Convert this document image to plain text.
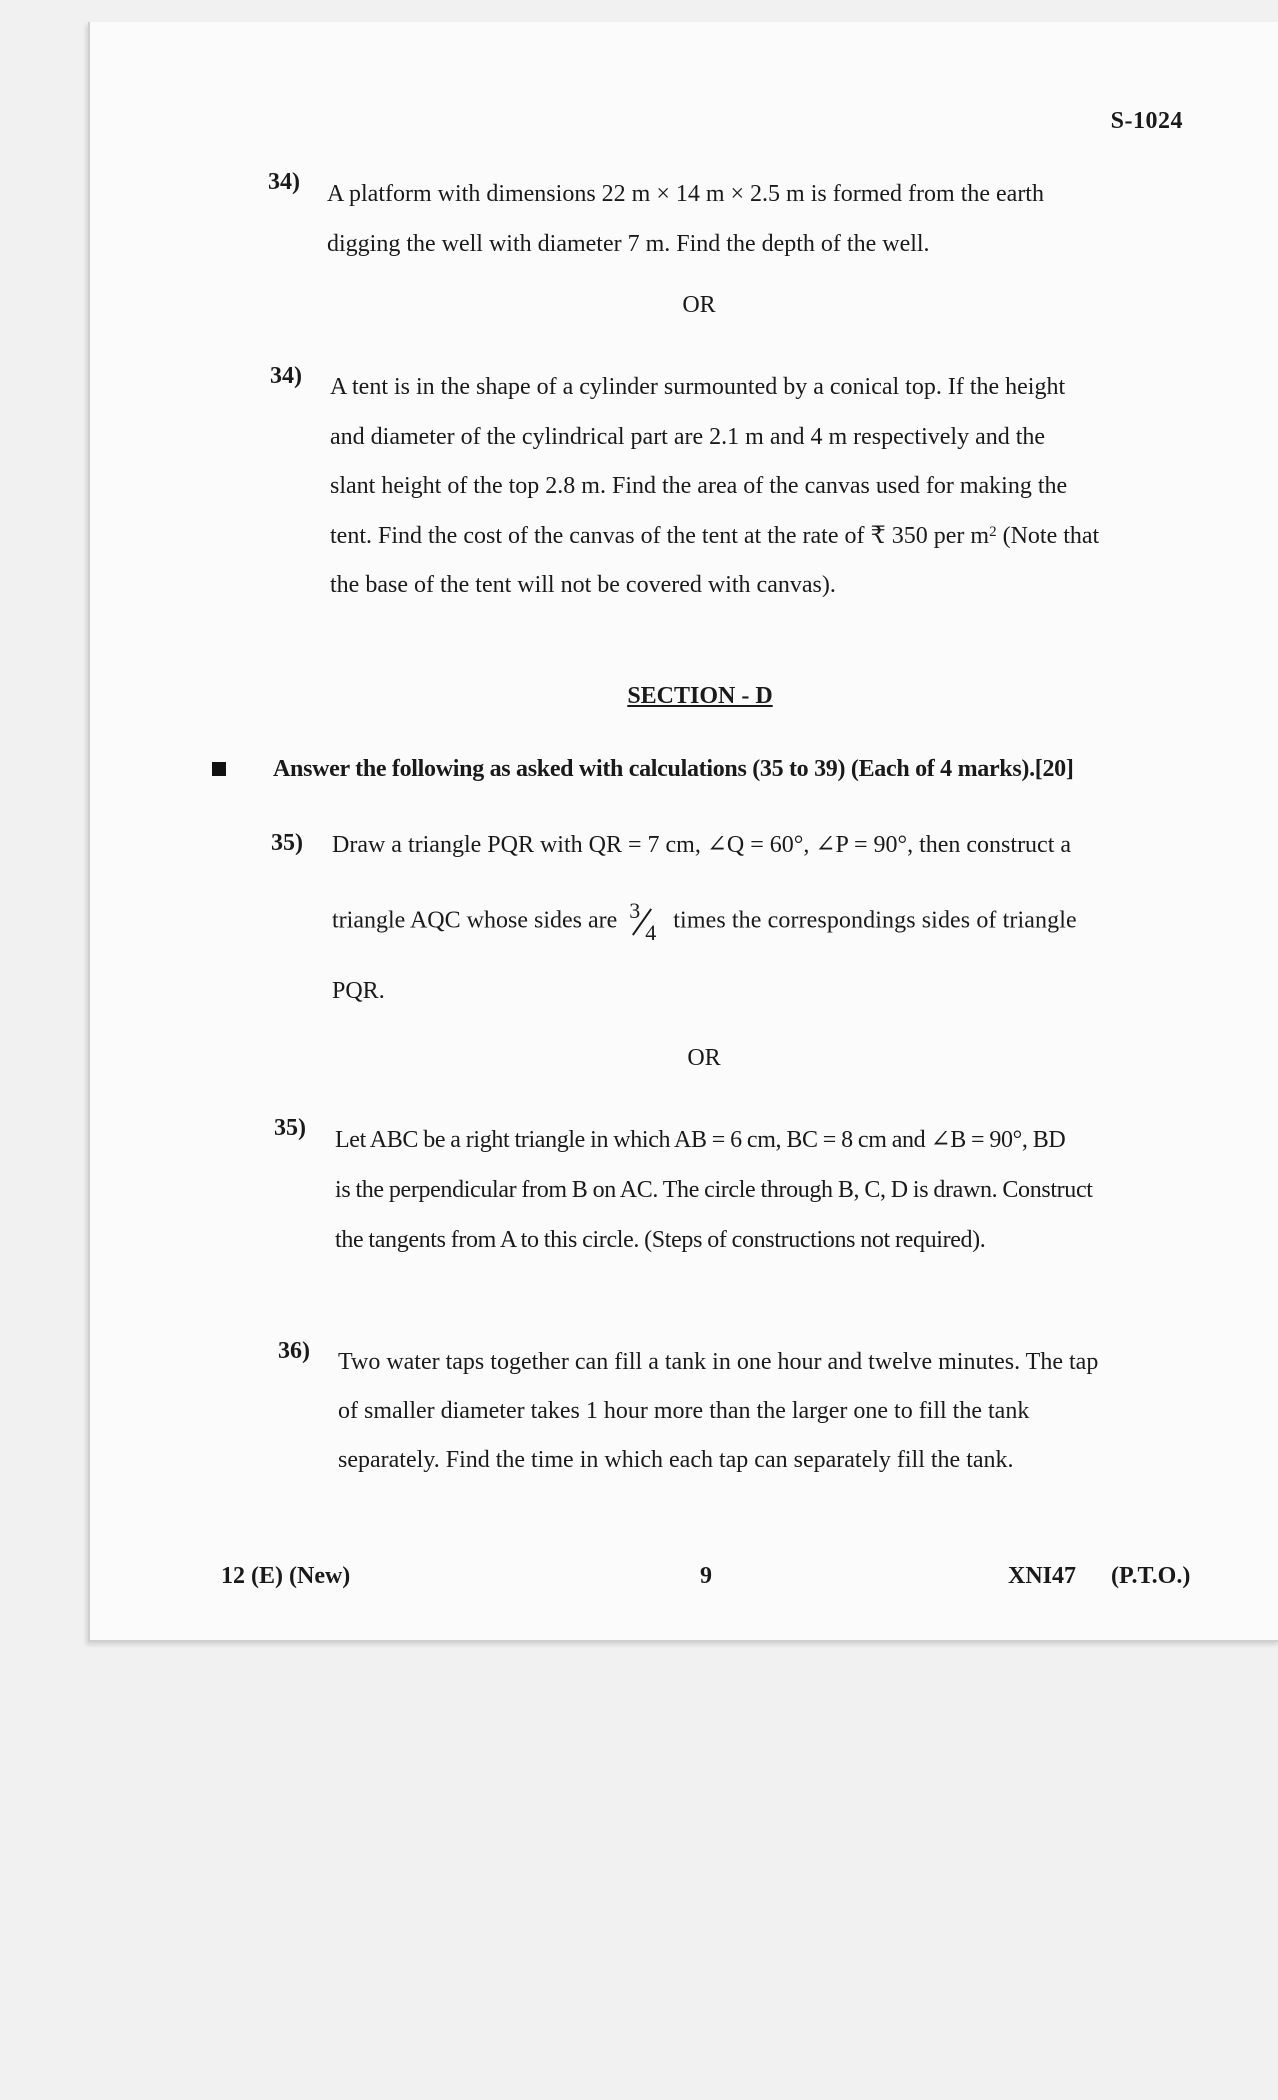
S-1024
34) A platform with dimensions 22 m × 14 m × 2.5 m is formed from the earth

digging the well with diameter 7 m. Find the depth of the well.

OR
34) A tent is in the shape of a cylinder surmounted by a conical top. If the height

and diameter of the cylindrical part are 2.1 m and 4 m respectively and the

slant height of the top 2.8 m. Find the area of the canvas used for making the

tent. Find the cost of the canvas of the tent at the rate of ₹ 350 per $m^2$ (Note that

the base of the tent will not be covered with canvas).

SECTION - D
Answer the following as asked with calculations (35 to 39) (Each of 4 marks).[20]
35) Draw a triangle PQR with QR = 7 cm, ∠Q = 60°, ∠P = 90°, then construct a

triangle AQC whose sides are 3
4 times the correspondings sides of triangle

PQR.

OR
35) Let ABC be a right triangle in which AB = 6 cm, BC = 8 cm and ∠B = 90°, BD

is the perpendicular from B on AC. The circle through B, C, D is drawn. Construct

the tangents from A to this circle. (Steps of constructions not required).

36) Two water taps together can fill a tank in one hour and twelve minutes. The tap

of smaller diameter takes 1 hour more than the larger one to fill the tank

separately. Find the time in which each tap can separately fill the tank.

12 (E) (New)	9	XNI47 (P.T.O.)
